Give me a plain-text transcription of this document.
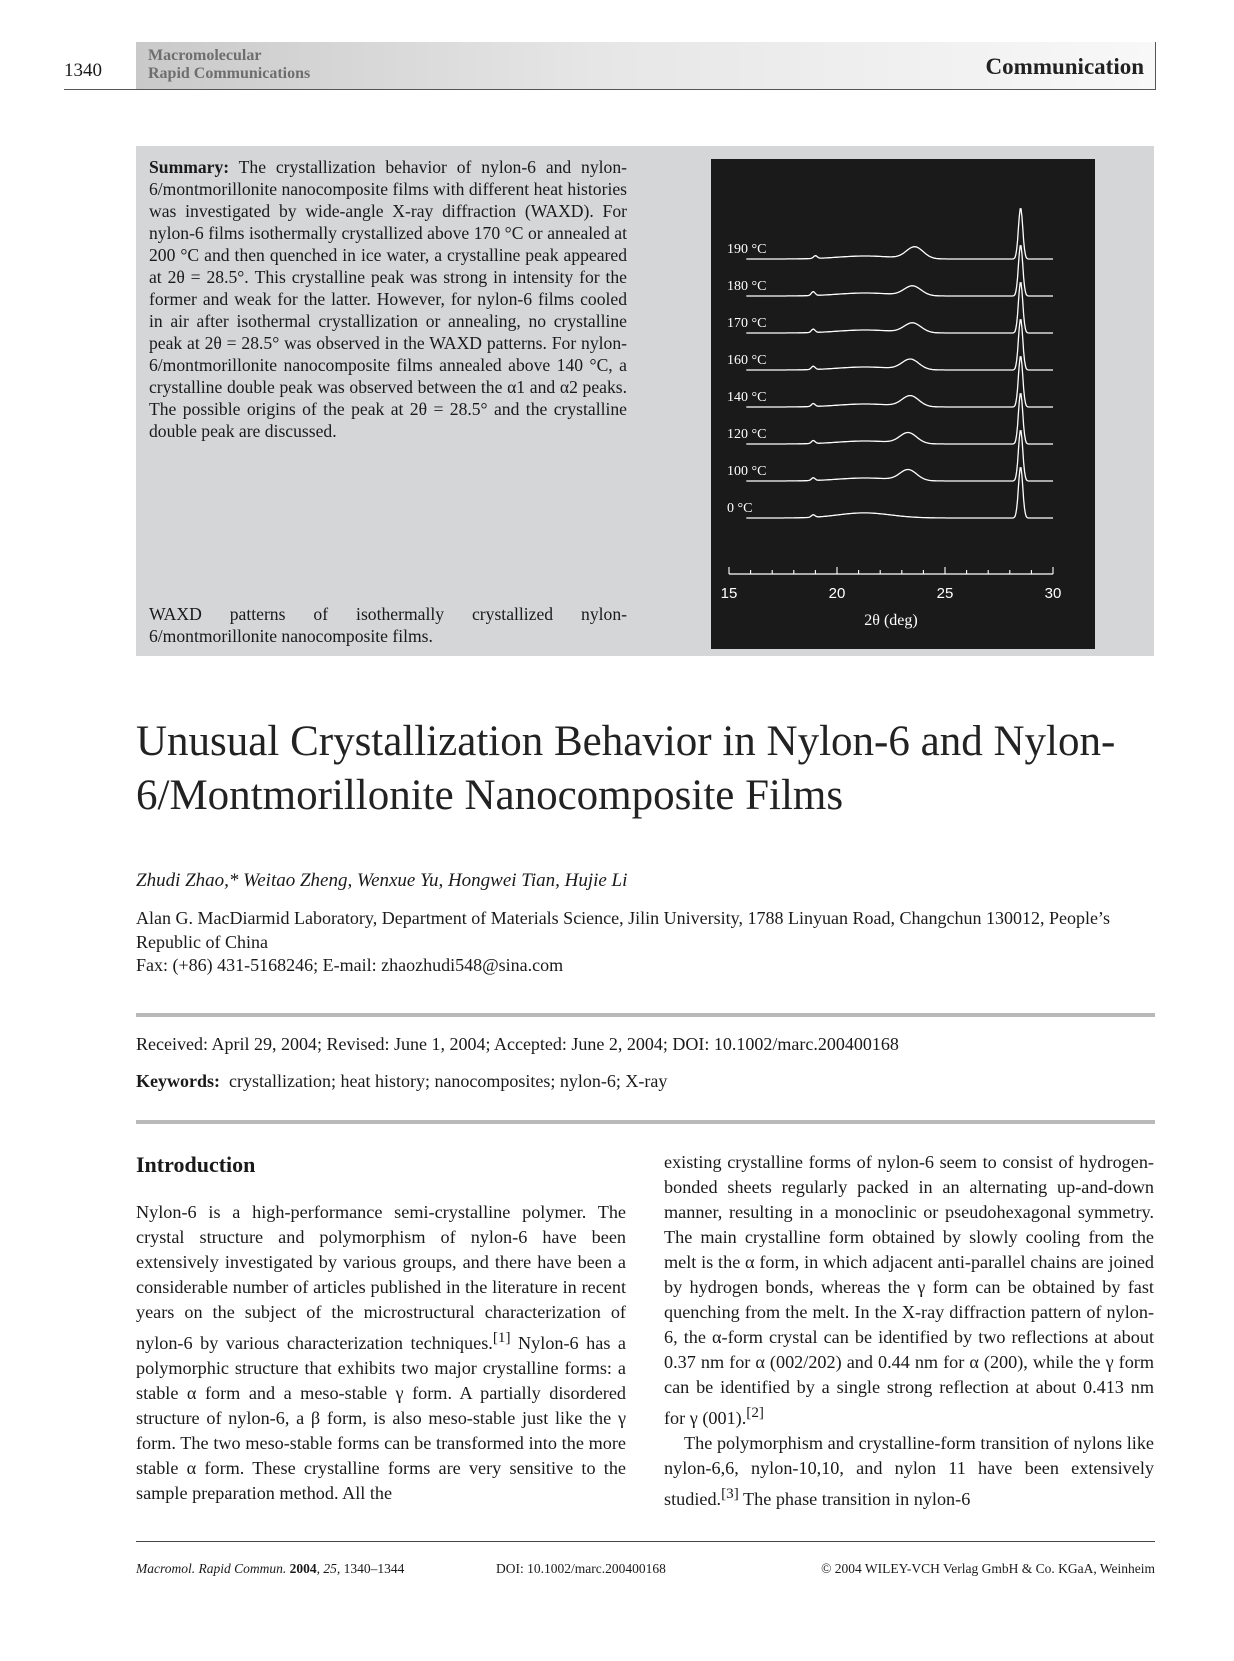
1340
Macromolecular
Rapid Communications	Communication
Summary: The crystallization behavior of nylon-6 and nylon-6/montmorillonite nanocomposite films with different heat histories was investigated by wide-angle X-ray diffraction (WAXD). For nylon-6 films isothermally crystallized above 170 °C or annealed at 200 °C and then quenched in ice water, a crystalline peak appeared at 2θ = 28.5°. This crystalline peak was strong in intensity for the former and weak for the latter. However, for nylon-6 films cooled in air after isothermal crystallization or annealing, no crystalline peak at 2θ = 28.5° was observed in the WAXD patterns. For nylon-6/montmorillonite nanocomposite films annealed above 140 °C, a crystalline double peak was observed between the α1 and α2 peaks. The possible origins of the peak at 2θ = 28.5° and the crystalline double peak are discussed.
WAXD patterns of isothermally crystallized nylon-6/montmorillonite nanocomposite films.
190 °C
180 °C
170 °C
160 °C
140 °C
120 °C
100 °C
0 °C
15	20	25	30
2θ (deg)
Unusual Crystallization Behavior in Nylon-6 and Nylon-6/Montmorillonite Nanocomposite Films
Zhudi Zhao,* Weitao Zheng, Wenxue Yu, Hongwei Tian, Hujie Li
Alan G. MacDiarmid Laboratory, Department of Materials Science, Jilin University, 1788 Linyuan Road, Changchun 130012, People’s Republic of China
Fax: (+86) 431-5168246; E-mail: zhaozhudi548@sina.com
Received: April 29, 2004; Revised: June 1, 2004; Accepted: June 2, 2004; DOI: 10.1002/marc.200400168
Keywords: crystallization; heat history; nanocomposites; nylon-6; X-ray
Introduction

Nylon-6 is a high-performance semi-crystalline polymer. The crystal structure and polymorphism of nylon-6 have been extensively investigated by various groups, and there have been a considerable number of articles published in the literature in recent years on the subject of the microstructural characterization of nylon-6 by various characterization techniques.[1] Nylon-6 has a polymorphic structure that exhibits two major crystalline forms: a stable α form and a meso-stable γ form. A partially disordered structure of nylon-6, a β form, is also meso-stable just like the γ form. The two meso-stable forms can be transformed into the more stable α form. These crystalline forms are very sensitive to the sample preparation method. All the

existing crystalline forms of nylon-6 seem to consist of hydrogen-bonded sheets regularly packed in an alternating up-and-down manner, resulting in a monoclinic or pseudohexagonal symmetry. The main crystalline form obtained by slowly cooling from the melt is the α form, in which adjacent anti-parallel chains are joined by hydrogen bonds, whereas the γ form can be obtained by fast quenching from the melt. In the X-ray diffraction pattern of nylon-6, the α-form crystal can be identified by two reflections at about 0.37 nm for α (002/202) and 0.44 nm for α (200), while the γ form can be identified by a single strong reflection at about 0.413 nm for γ (001).[2]

The polymorphism and crystalline-form transition of nylons like nylon-6,6, nylon-10,10, and nylon 11 have been extensively studied.[3] The phase transition in nylon-6

Macromol. Rapid Commun. 2004, 25, 1340–1344	DOI: 10.1002/marc.200400168	© 2004 WILEY-VCH Verlag GmbH & Co. KGaA, Weinheim
